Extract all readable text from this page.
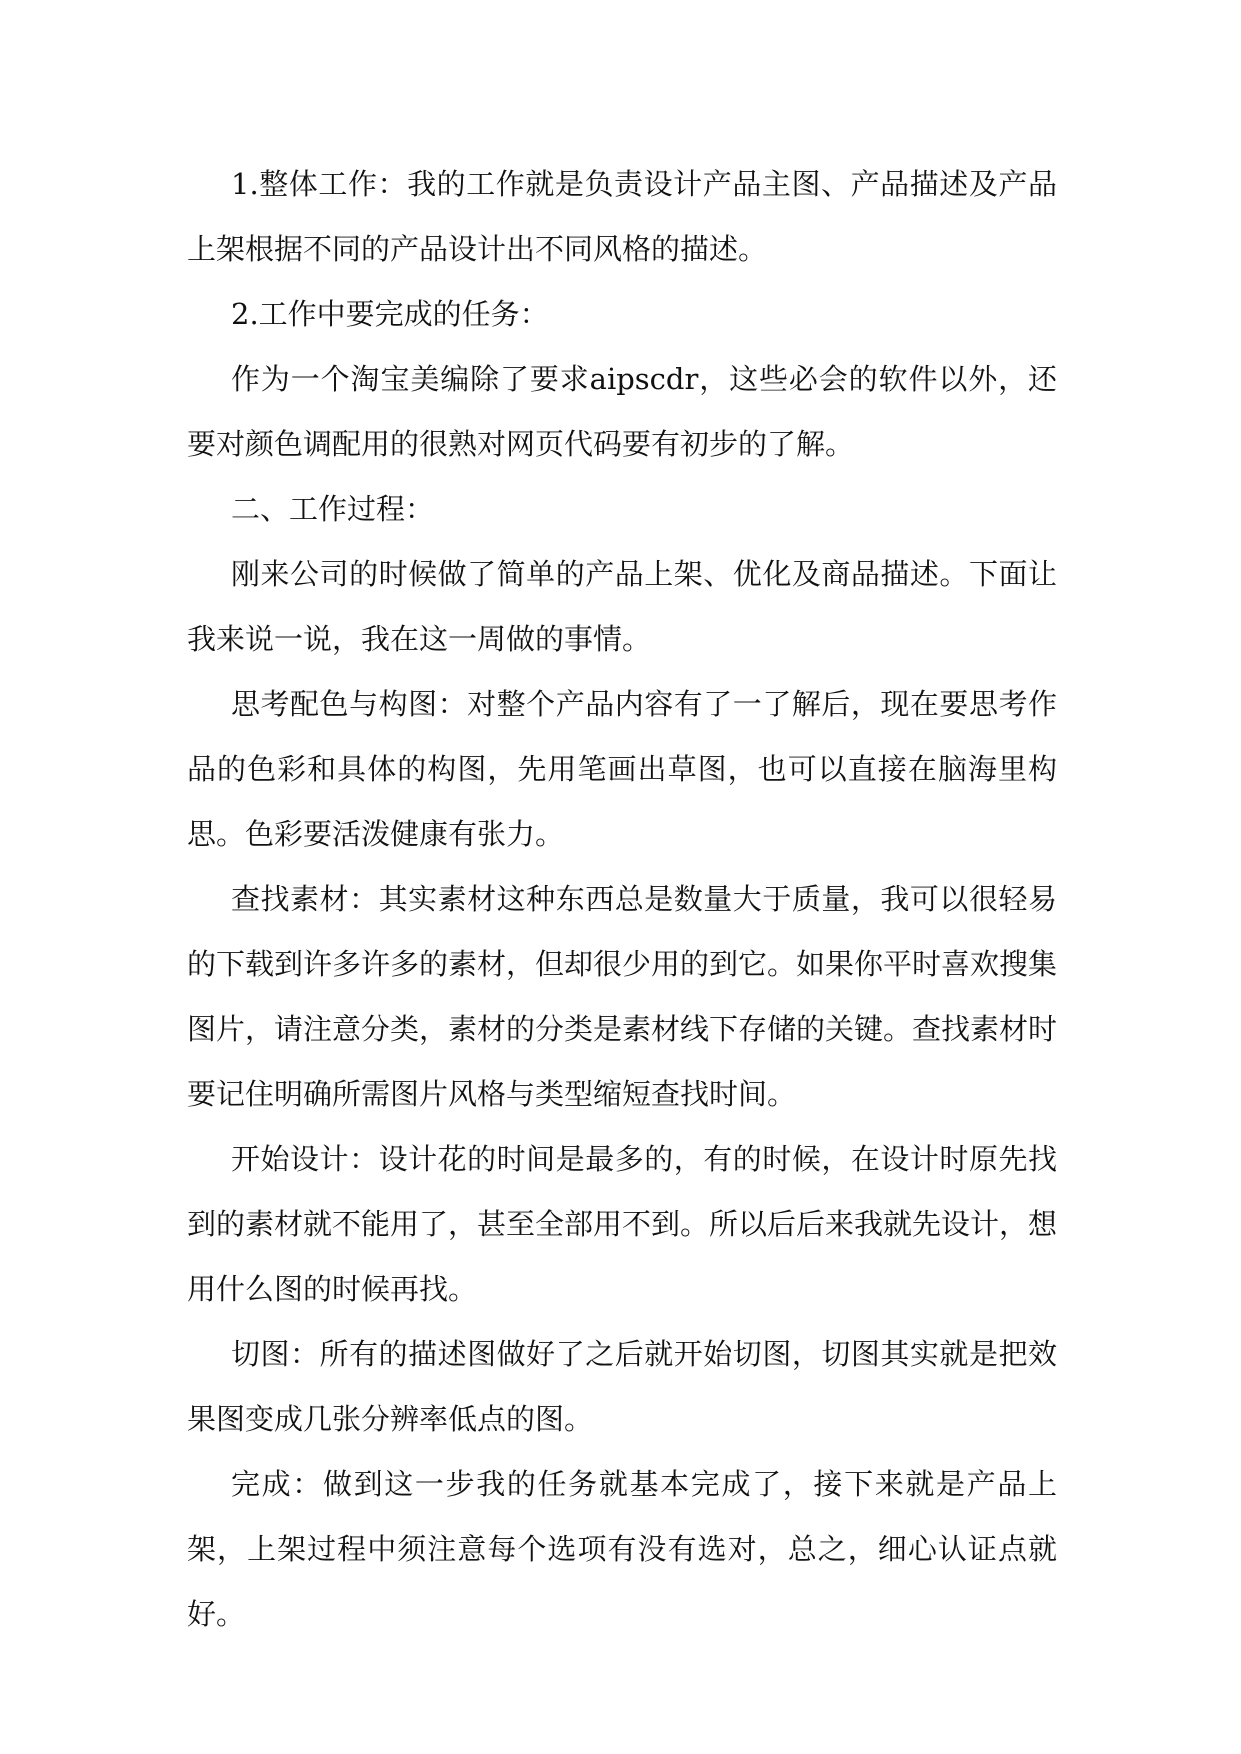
1.整体工作：我的工作就是负责设计产品主图、产品描述及产品上架根据不同的产品设计出不同风格的描述。

2.工作中要完成的任务：

作为一个淘宝美编除了要求aipscdr，这些必会的软件以外，还要对颜色调配用的很熟对网页代码要有初步的了解。

二、工作过程：

刚来公司的时候做了简单的产品上架、优化及商品描述。下面让我来说一说，我在这一周做的事情。

思考配色与构图：对整个产品内容有了一了解后，现在要思考作品的色彩和具体的构图，先用笔画出草图，也可以直接在脑海里构思。色彩要活泼健康有张力。

查找素材：其实素材这种东西总是数量大于质量，我可以很轻易的下载到许多许多的素材，但却很少用的到它。如果你平时喜欢搜集图片，请注意分类，素材的分类是素材线下存储的关键。查找素材时要记住明确所需图片风格与类型缩短查找时间。

开始设计：设计花的时间是最多的，有的时候，在设计时原先找到的素材就不能用了，甚至全部用不到。所以后后来我就先设计，想用什么图的时候再找。

切图：所有的描述图做好了之后就开始切图，切图其实就是把效果图变成几张分辨率低点的图。

完成：做到这一步我的任务就基本完成了，接下来就是产品上架，上架过程中须注意每个选项有没有选对，总之，细心认证点就好。
